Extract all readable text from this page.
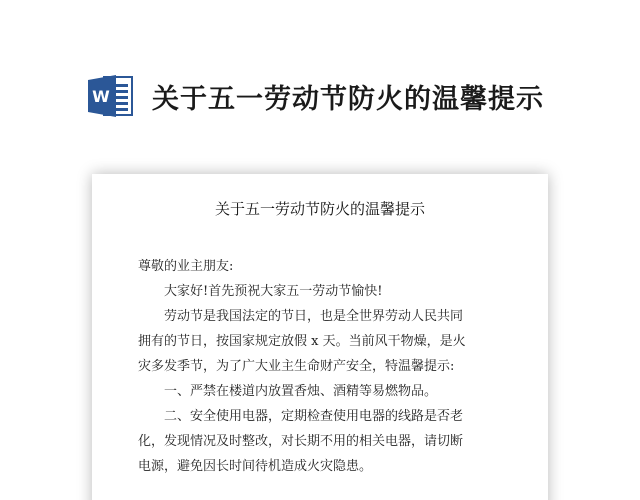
W 关于五一劳动节防火的温馨提示
关于五一劳动节防火的温馨提示
尊敬的业主朋友:
大家好!首先预祝大家五一劳动节愉快!
劳动节是我国法定的节日，也是全世界劳动人民共同
拥有的节日，按国家规定放假 x 天。当前风干物燥，是火
灾多发季节，为了广大业主生命财产安全，特温馨提示:
一、严禁在楼道内放置香烛、酒精等易燃物品。
二、安全使用电器，定期检查使用电器的线路是否老
化，发现情况及时整改，对长期不用的相关电器，请切断
电源，避免因长时间待机造成火灾隐患。
